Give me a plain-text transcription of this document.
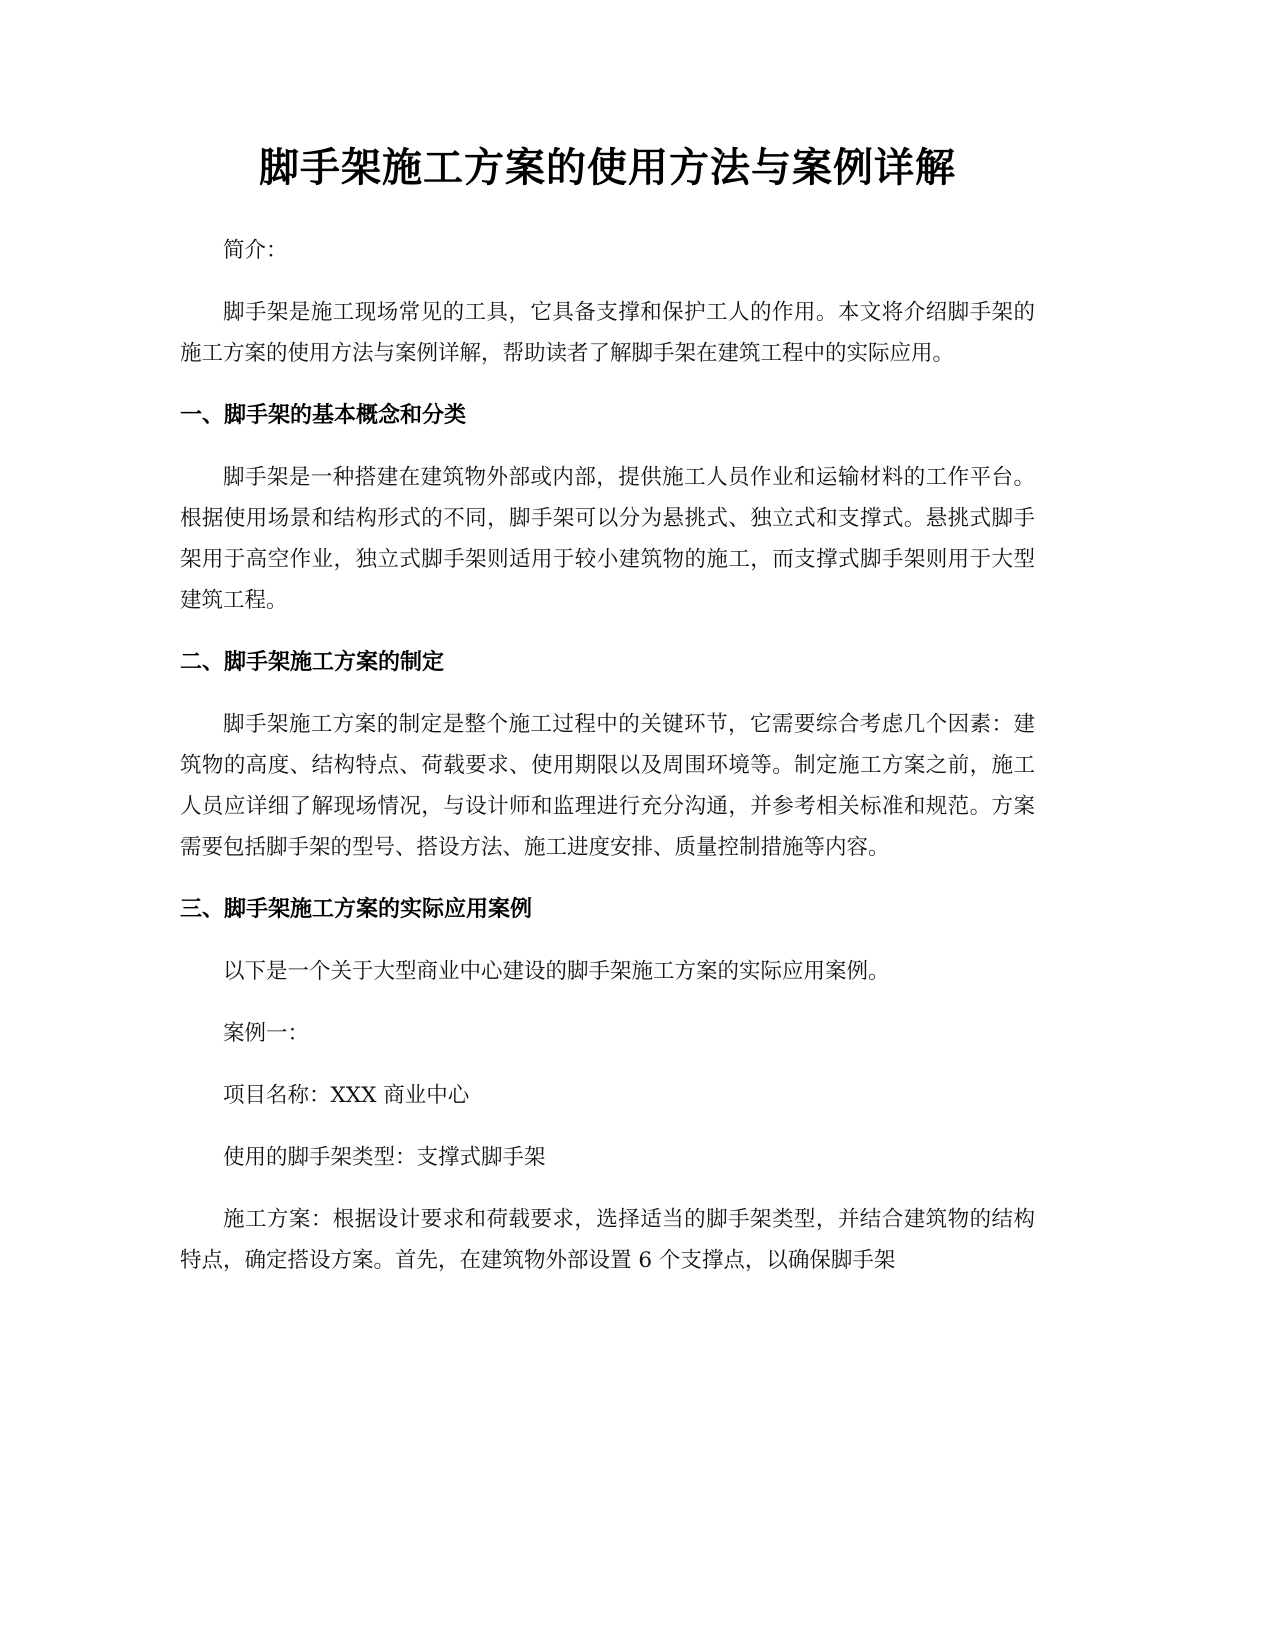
脚手架施工方案的使用方法与案例详解

简介：

脚手架是施工现场常见的工具，它具备支撑和保护工人的作用。本文将介绍脚手架的施工方案的使用方法与案例详解，帮助读者了解脚手架在建筑工程中的实际应用。

一、脚手架的基本概念和分类

脚手架是一种搭建在建筑物外部或内部，提供施工人员作业和运输材料的工作平台。根据使用场景和结构形式的不同，脚手架可以分为悬挑式、独立式和支撑式。悬挑式脚手架用于高空作业，独立式脚手架则适用于较小建筑物的施工，而支撑式脚手架则用于大型建筑工程。

二、脚手架施工方案的制定

脚手架施工方案的制定是整个施工过程中的关键环节，它需要综合考虑几个因素：建筑物的高度、结构特点、荷载要求、使用期限以及周围环境等。制定施工方案之前，施工人员应详细了解现场情况，与设计师和监理进行充分沟通，并参考相关标准和规范。方案需要包括脚手架的型号、搭设方法、施工进度安排、质量控制措施等内容。

三、脚手架施工方案的实际应用案例

以下是一个关于大型商业中心建设的脚手架施工方案的实际应用案例。

案例一：

项目名称：XXX 商业中心

使用的脚手架类型：支撑式脚手架

施工方案：根据设计要求和荷载要求，选择适当的脚手架类型，并结合建筑物的结构特点，确定搭设方案。首先，在建筑物外部设置 6 个支撑点，以确保脚手架
